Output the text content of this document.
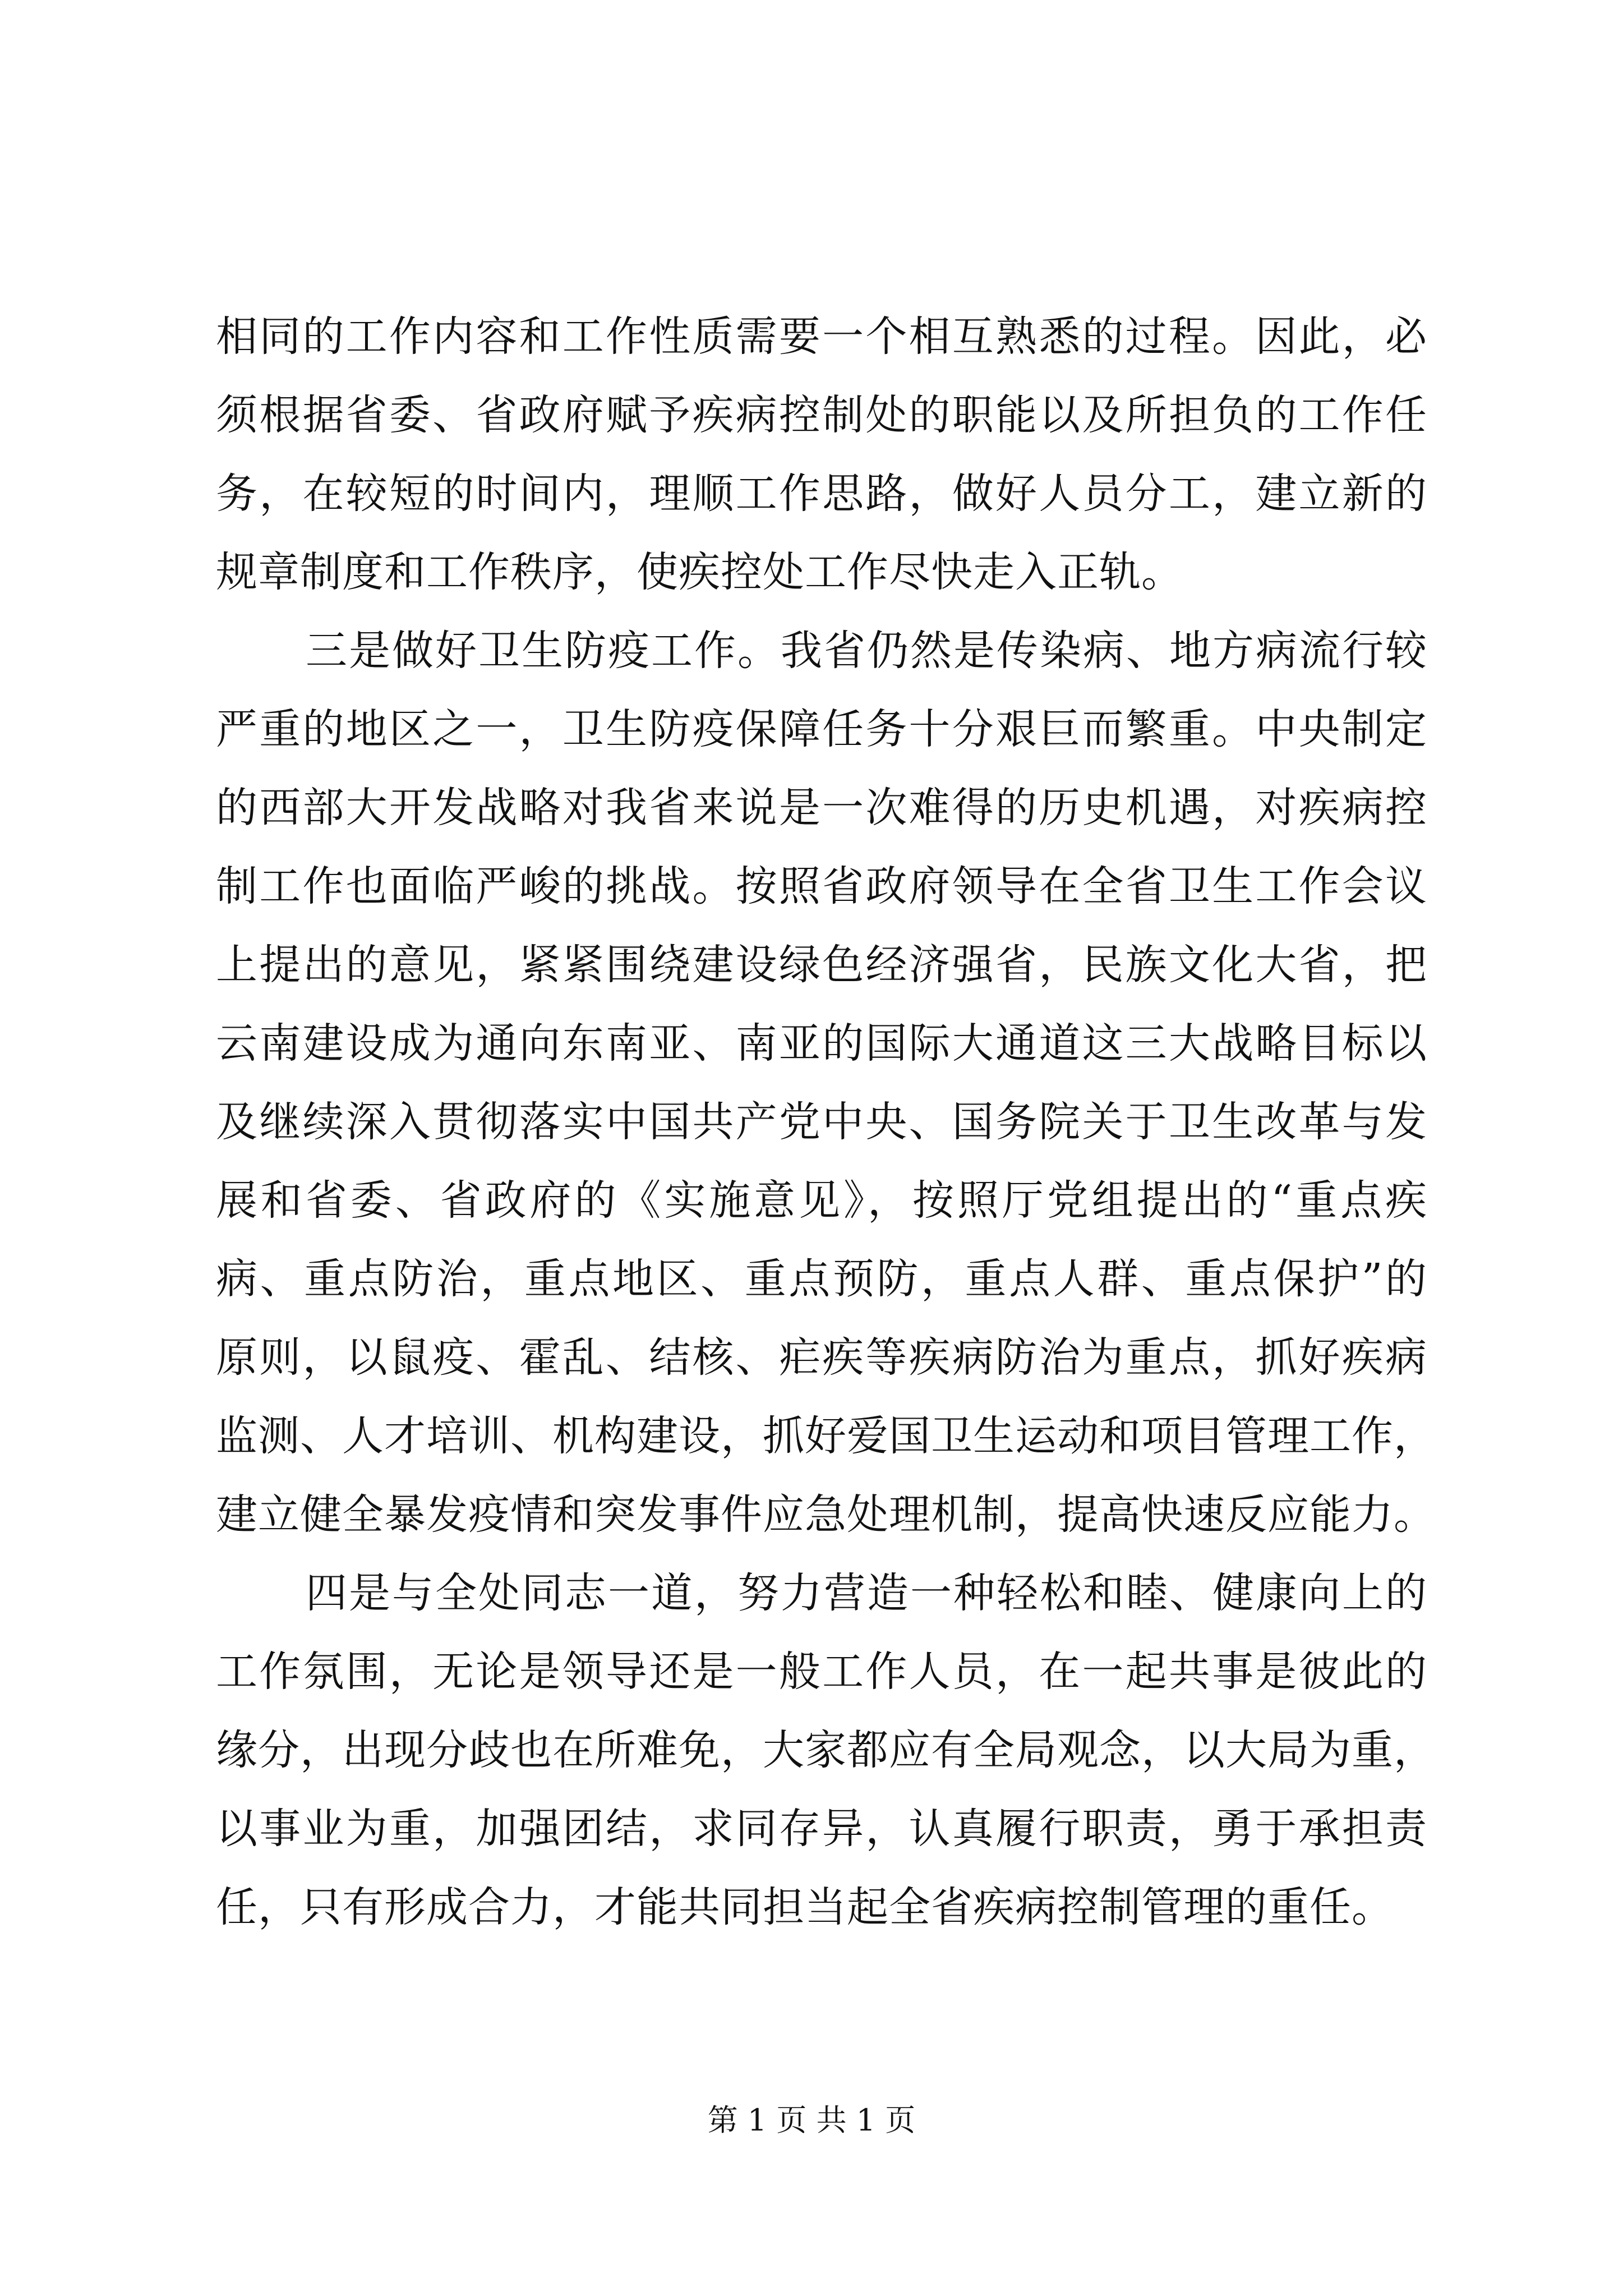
相同的工作内容和工作性质需要一个相互熟悉的过程。因此，必
须根据省委、省政府赋予疾病控制处的职能以及所担负的工作任
务，在较短的时间内，理顺工作思路，做好人员分工，建立新的
规章制度和工作秩序，使疾控处工作尽快走入正轨。
三是做好卫生防疫工作。我省仍然是传染病、地方病流行较
严重的地区之一，卫生防疫保障任务十分艰巨而繁重。中央制定
的西部大开发战略对我省来说是一次难得的历史机遇，对疾病控
制工作也面临严峻的挑战。按照省政府领导在全省卫生工作会议
上提出的意见，紧紧围绕建设绿色经济强省，民族文化大省，把
云南建设成为通向东南亚、南亚的国际大通道这三大战略目标以
及继续深入贯彻落实中国共产党中央、国务院关于卫生改革与发
展和省委、省政府的《实施意见》，按照厅党组提出的“重点疾
病、重点防治，重点地区、重点预防，重点人群、重点保护”的
原则，以鼠疫、霍乱、结核、疟疾等疾病防治为重点，抓好疾病
监测、人才培训、机构建设，抓好爱国卫生运动和项目管理工作，
建立健全暴发疫情和突发事件应急处理机制，提高快速反应能力。
四是与全处同志一道，努力营造一种轻松和睦、健康向上的
工作氛围，无论是领导还是一般工作人员，在一起共事是彼此的
缘分，出现分歧也在所难免，大家都应有全局观念，以大局为重，
以事业为重，加强团结，求同存异，认真履行职责，勇于承担责
任，只有形成合力，才能共同担当起全省疾病控制管理的重任。
第 1 页 共 1 页
